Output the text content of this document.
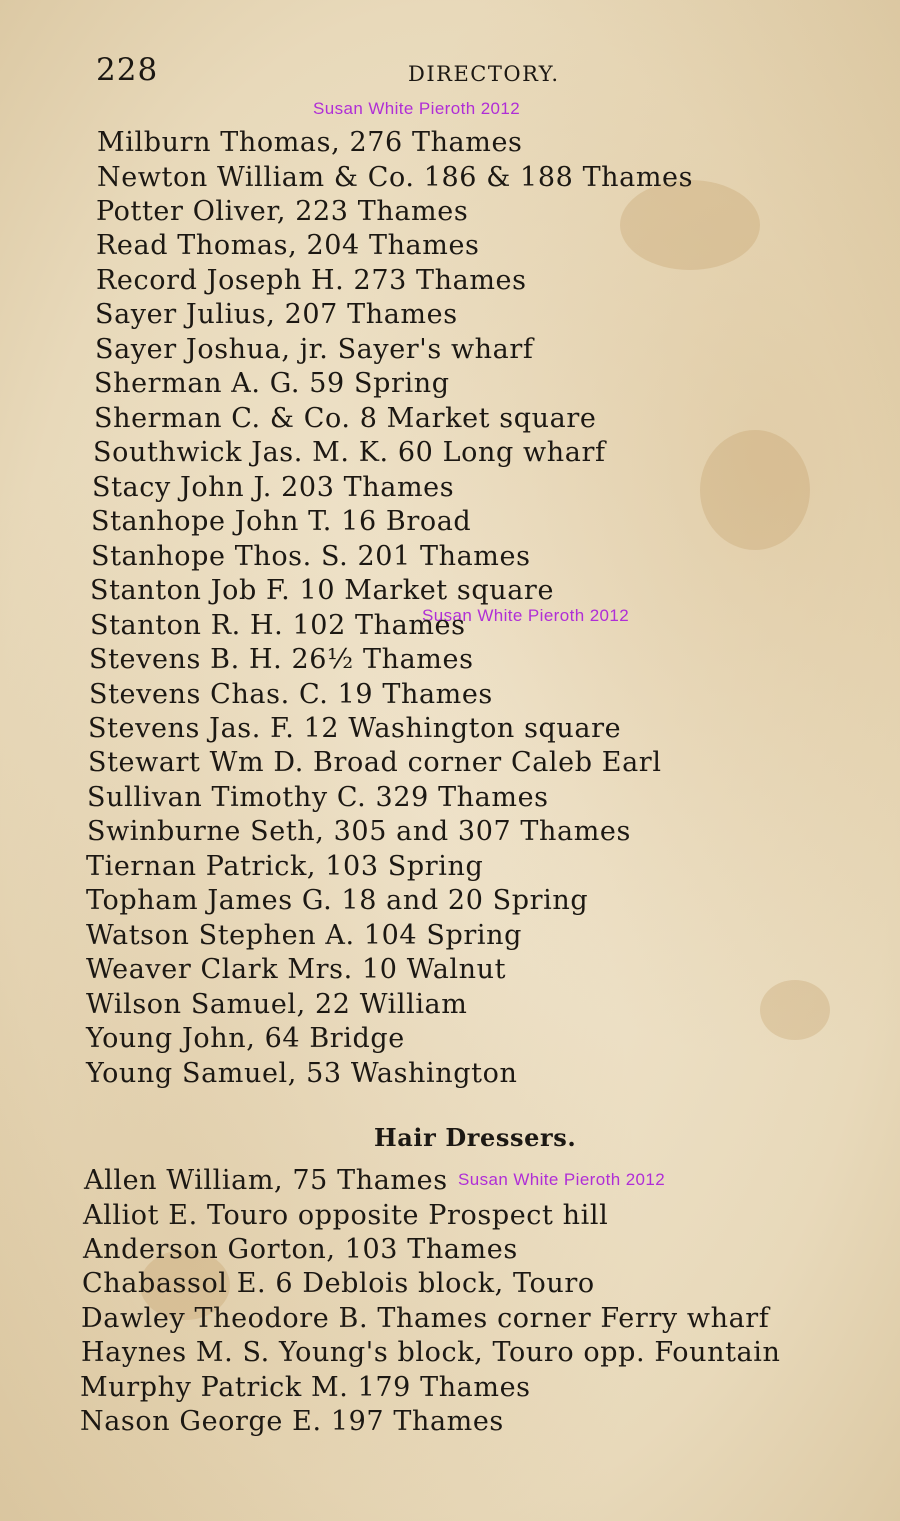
228	DIRECTORY.
Susan White Pieroth 2012
Susan White Pieroth 2012
Susan White Pieroth 2012
Milburn Thomas, 276 Thames
Newton William & Co. 186 & 188 Thames
Potter Oliver, 223 Thames
Read Thomas, 204 Thames
Record Joseph H. 273 Thames
Sayer Julius, 207 Thames
Sayer Joshua, jr. Sayer's wharf
Sherman A. G. 59 Spring
Sherman C. & Co. 8 Market square
Southwick Jas. M. K. 60 Long wharf
Stacy John J. 203 Thames
Stanhope John T. 16 Broad
Stanhope Thos. S. 201 Thames
Stanton Job F. 10 Market square
Stanton R. H. 102 Thames
Stevens B. H. 26½ Thames
Stevens Chas. C. 19 Thames
Stevens Jas. F. 12 Washington square
Stewart Wm D. Broad corner Caleb Earl
Sullivan Timothy C. 329 Thames
Swinburne Seth, 305 and 307 Thames
Tiernan Patrick, 103 Spring
Topham James G. 18 and 20 Spring
Watson Stephen A. 104 Spring
Weaver Clark Mrs. 10 Walnut
Wilson Samuel, 22 William
Young John, 64 Bridge
Young Samuel, 53 Washington
Hair Dressers.
Allen William, 75 Thames
Alliot E. Touro opposite Prospect hill
Anderson Gorton, 103 Thames
Chabassol E. 6 Deblois block, Touro
Dawley Theodore B. Thames corner Ferry wharf
Haynes M. S. Young's block, Touro opp. Fountain
Murphy Patrick M. 179 Thames
Nason George E. 197 Thames
